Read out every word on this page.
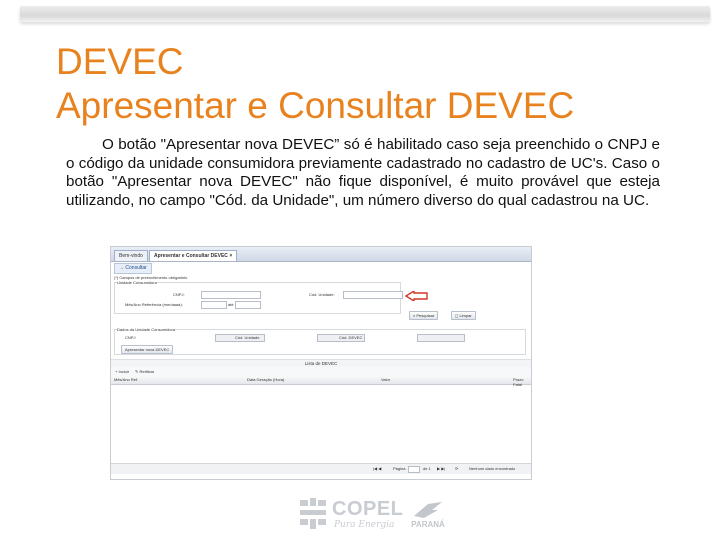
DEVEC
Apresentar e Consultar DEVEC

O botão "Apresentar nova DEVEC” só é habilitado caso seja preenchido o CNPJ e o código da unidade consumidora previamente cadastrado no cadastro de UC's. Caso o botão "Apresentar nova DEVEC" não fique disponível, é muito provável que esteja utilizando, no campo "Cód. da Unidade", um número diverso do qual cadastrou na UC.

Bem-vindo	Apresentar e Consultar DEVEC ×
→ Consultar
(*) Campos de preenchimento obrigatório
Unidade Consumidora
CNPJ:	Cód. Unidade:
Mês/Ano Referência (mm/aaaa):	até
⌕ Pesquisar	◻ Limpar
Dados da Unidade Consumidora
CNPJ	Cód. Unidade	Cód. DEVEC
Apresentar nova DEVEC
Lista de DEVEC
+ Incluir ✎ Retificar
Mês/Ano Ref.	Data Geração (Hora)	Valor	Prazo Fatal
|◀ ◀	Página	de 1 ▶ ▶| ⟳	Nenhum dado encontrado
COPEL
Pura Energia	PARANÁ
